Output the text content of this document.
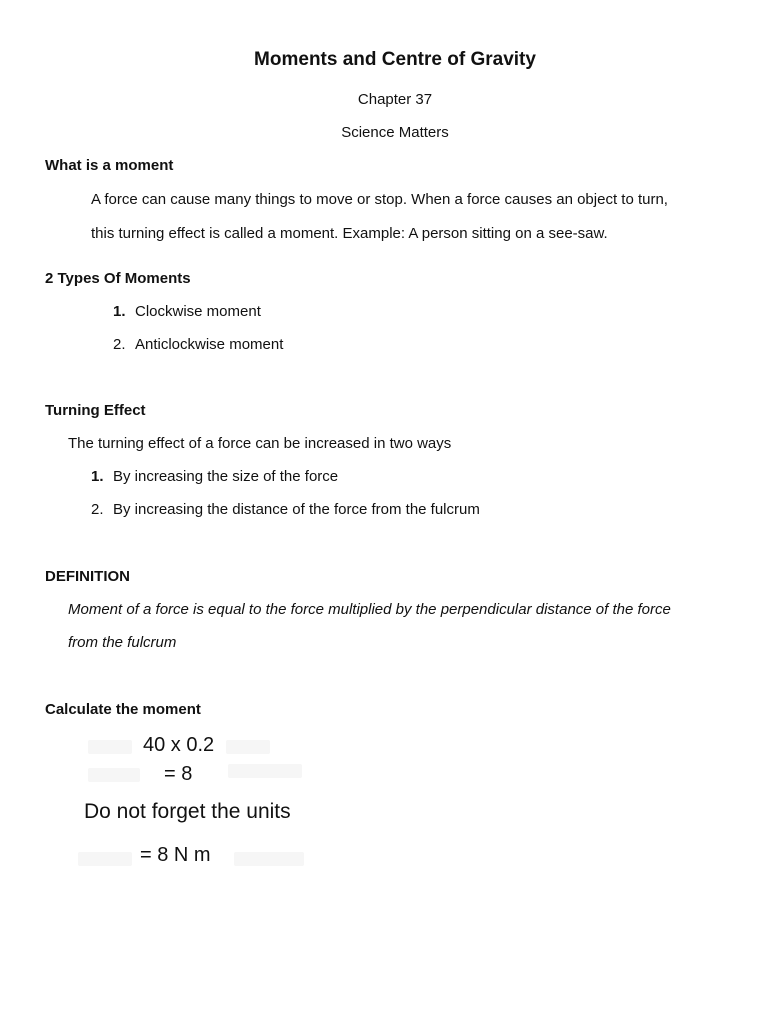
Moments and Centre of Gravity
Chapter 37
Science Matters
What is a moment
A force can cause many things to move or stop. When a force causes an object to turn,
this turning effect is called a moment. Example: A person sitting on a see-saw.
2 Types Of Moments
1. Clockwise moment
2. Anticlockwise moment
Turning Effect
The turning effect of a force can be increased in two ways
1. By increasing the size of the force
2. By increasing the distance of the force from the fulcrum
DEFINITION
Moment of a force is equal to the force multiplied by the perpendicular distance of the force
from the fulcrum
Calculate the moment
40 x 0.2
= 8
Do not forget the units
= 8 N m
